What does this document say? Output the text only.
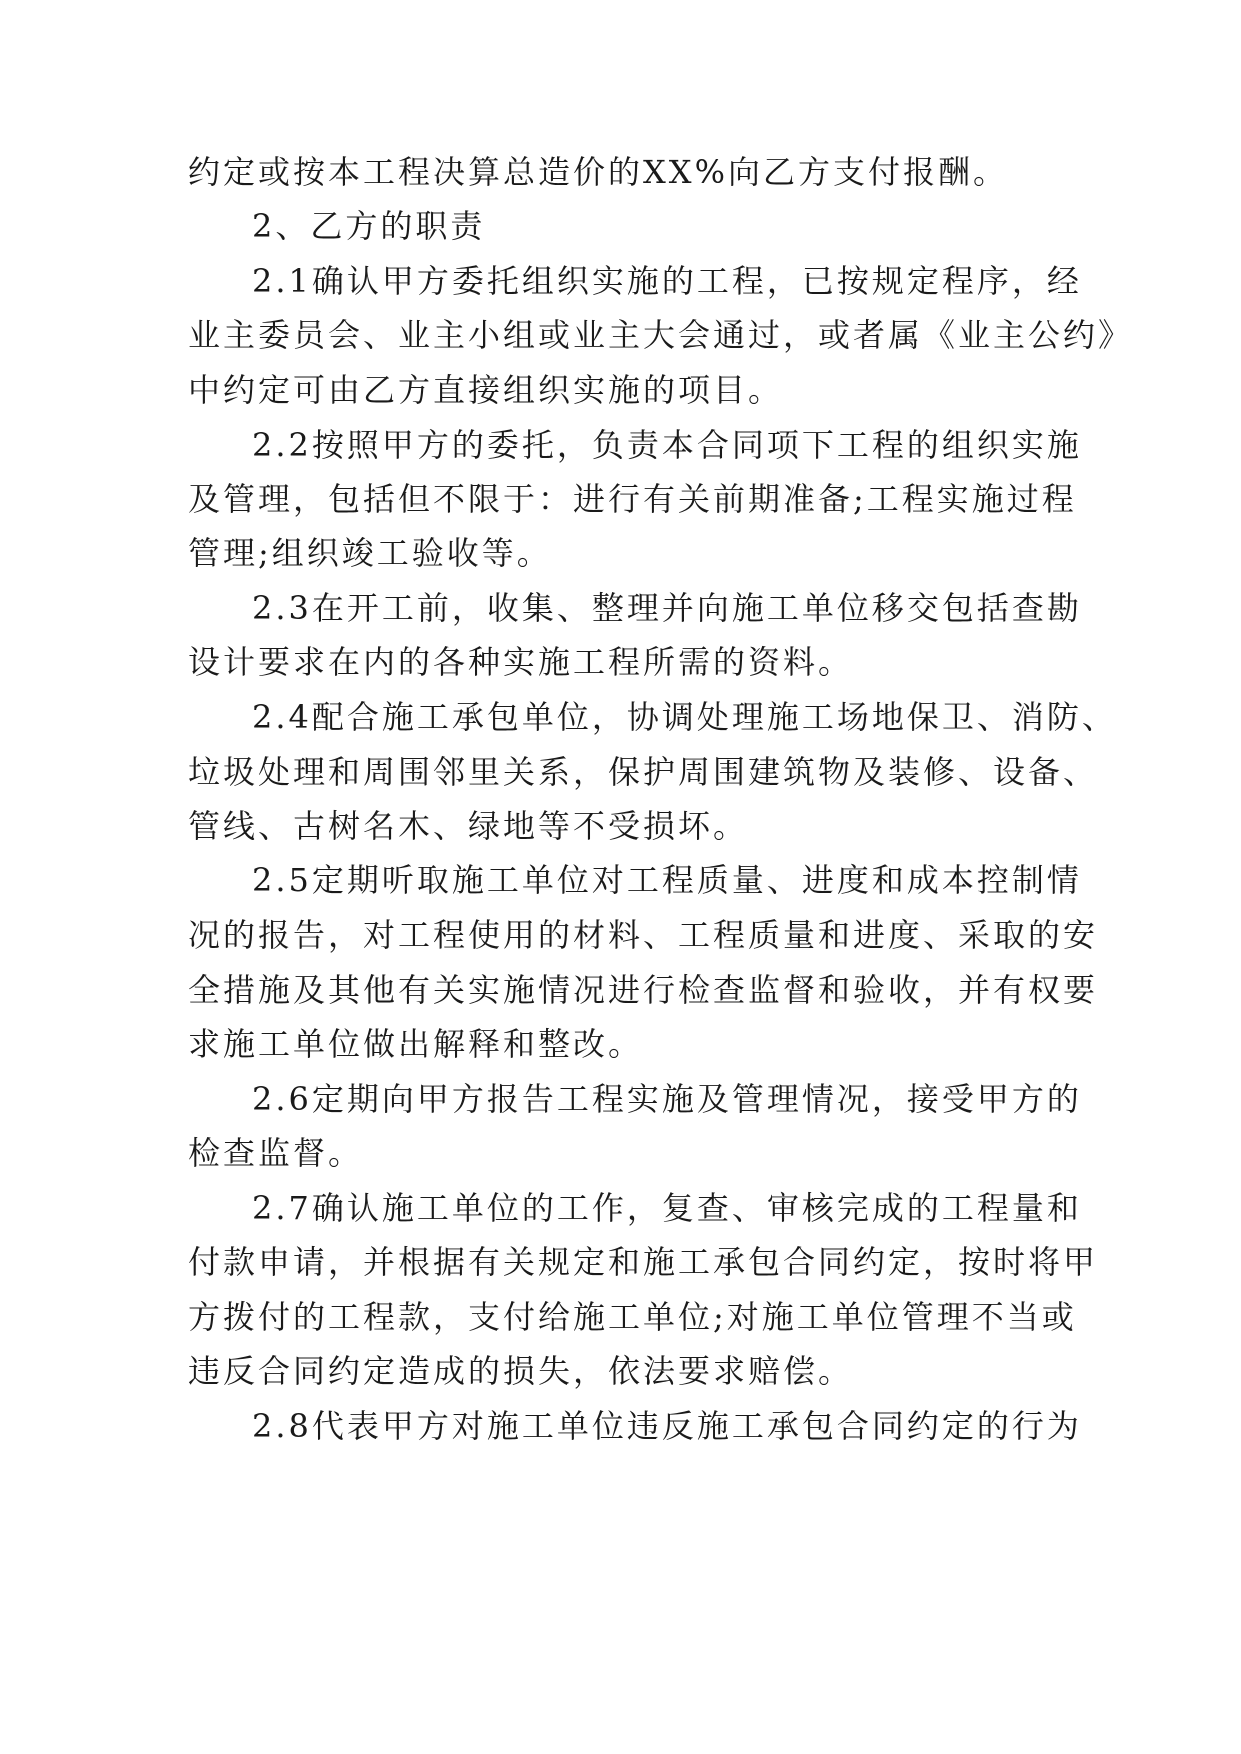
约定或按本工程决算总造价的XX%向乙方支付报酬。
2、乙方的职责
2.1确认甲方委托组织实施的工程，已按规定程序，经
业主委员会、业主小组或业主大会通过，或者属《业主公约》
中约定可由乙方直接组织实施的项目。
2.2按照甲方的委托，负责本合同项下工程的组织实施
及管理，包括但不限于：进行有关前期准备;工程实施过程
管理;组织竣工验收等。
2.3在开工前，收集、整理并向施工单位移交包括查勘
设计要求在内的各种实施工程所需的资料。
2.4配合施工承包单位，协调处理施工场地保卫、消防、
垃圾处理和周围邻里关系，保护周围建筑物及装修、设备、
管线、古树名木、绿地等不受损坏。
2.5定期听取施工单位对工程质量、进度和成本控制情
况的报告，对工程使用的材料、工程质量和进度、采取的安
全措施及其他有关实施情况进行检查监督和验收，并有权要
求施工单位做出解释和整改。
2.6定期向甲方报告工程实施及管理情况，接受甲方的
检查监督。
2.7确认施工单位的工作，复查、审核完成的工程量和
付款申请，并根据有关规定和施工承包合同约定，按时将甲
方拨付的工程款，支付给施工单位;对施工单位管理不当或
违反合同约定造成的损失，依法要求赔偿。
2.8代表甲方对施工单位违反施工承包合同约定的行为
